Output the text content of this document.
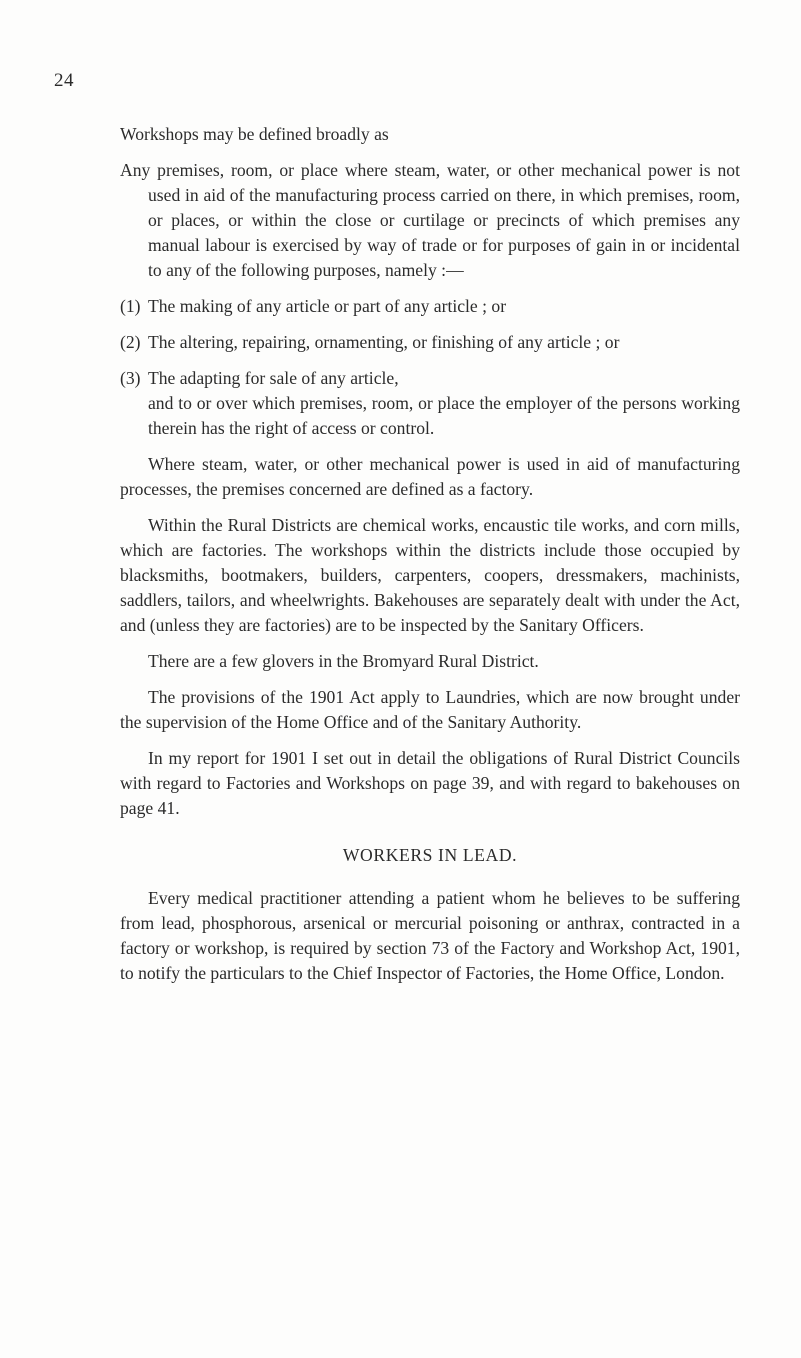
24

Workshops may be defined broadly as

Any premises, room, or place where steam, water, or other mechanical power is not used in aid of the manufacturing process carried on there, in which premises, room, or places, or within the close or curtilage or precincts of which premises any manual labour is exercised by way of trade or for purposes of gain in or incidental to any of the following purposes, namely :—

(1) The making of any article or part of any article ; or

(2) The altering, repairing, ornamenting, or finishing of any article ; or

(3) The adapting for sale of any article,

and to or over which premises, room, or place the employer of the persons working therein has the right of access or control.

Where steam, water, or other mechanical power is used in aid of manufacturing processes, the premises concerned are defined as a factory.

Within the Rural Districts are chemical works, encaustic tile works, and corn mills, which are factories. The workshops within the districts include those occupied by blacksmiths, bootmakers, builders, carpenters, coopers, dressmakers, machinists, saddlers, tailors, and wheelwrights. Bakehouses are separately dealt with under the Act, and (unless they are factories) are to be inspected by the Sanitary Officers.

There are a few glovers in the Bromyard Rural District.

The provisions of the 1901 Act apply to Laundries, which are now brought under the supervision of the Home Office and of the Sanitary Authority.

In my report for 1901 I set out in detail the obligations of Rural District Councils with regard to Factories and Workshops on page 39, and with regard to bakehouses on page 41.

WORKERS IN LEAD.

Every medical practitioner attending a patient whom he believes to be suffering from lead, phosphorous, arsenical or mercurial poisoning or anthrax, contracted in a factory or workshop, is required by section 73 of the Factory and Workshop Act, 1901, to notify the particulars to the Chief Inspector of Factories, the Home Office, London.
